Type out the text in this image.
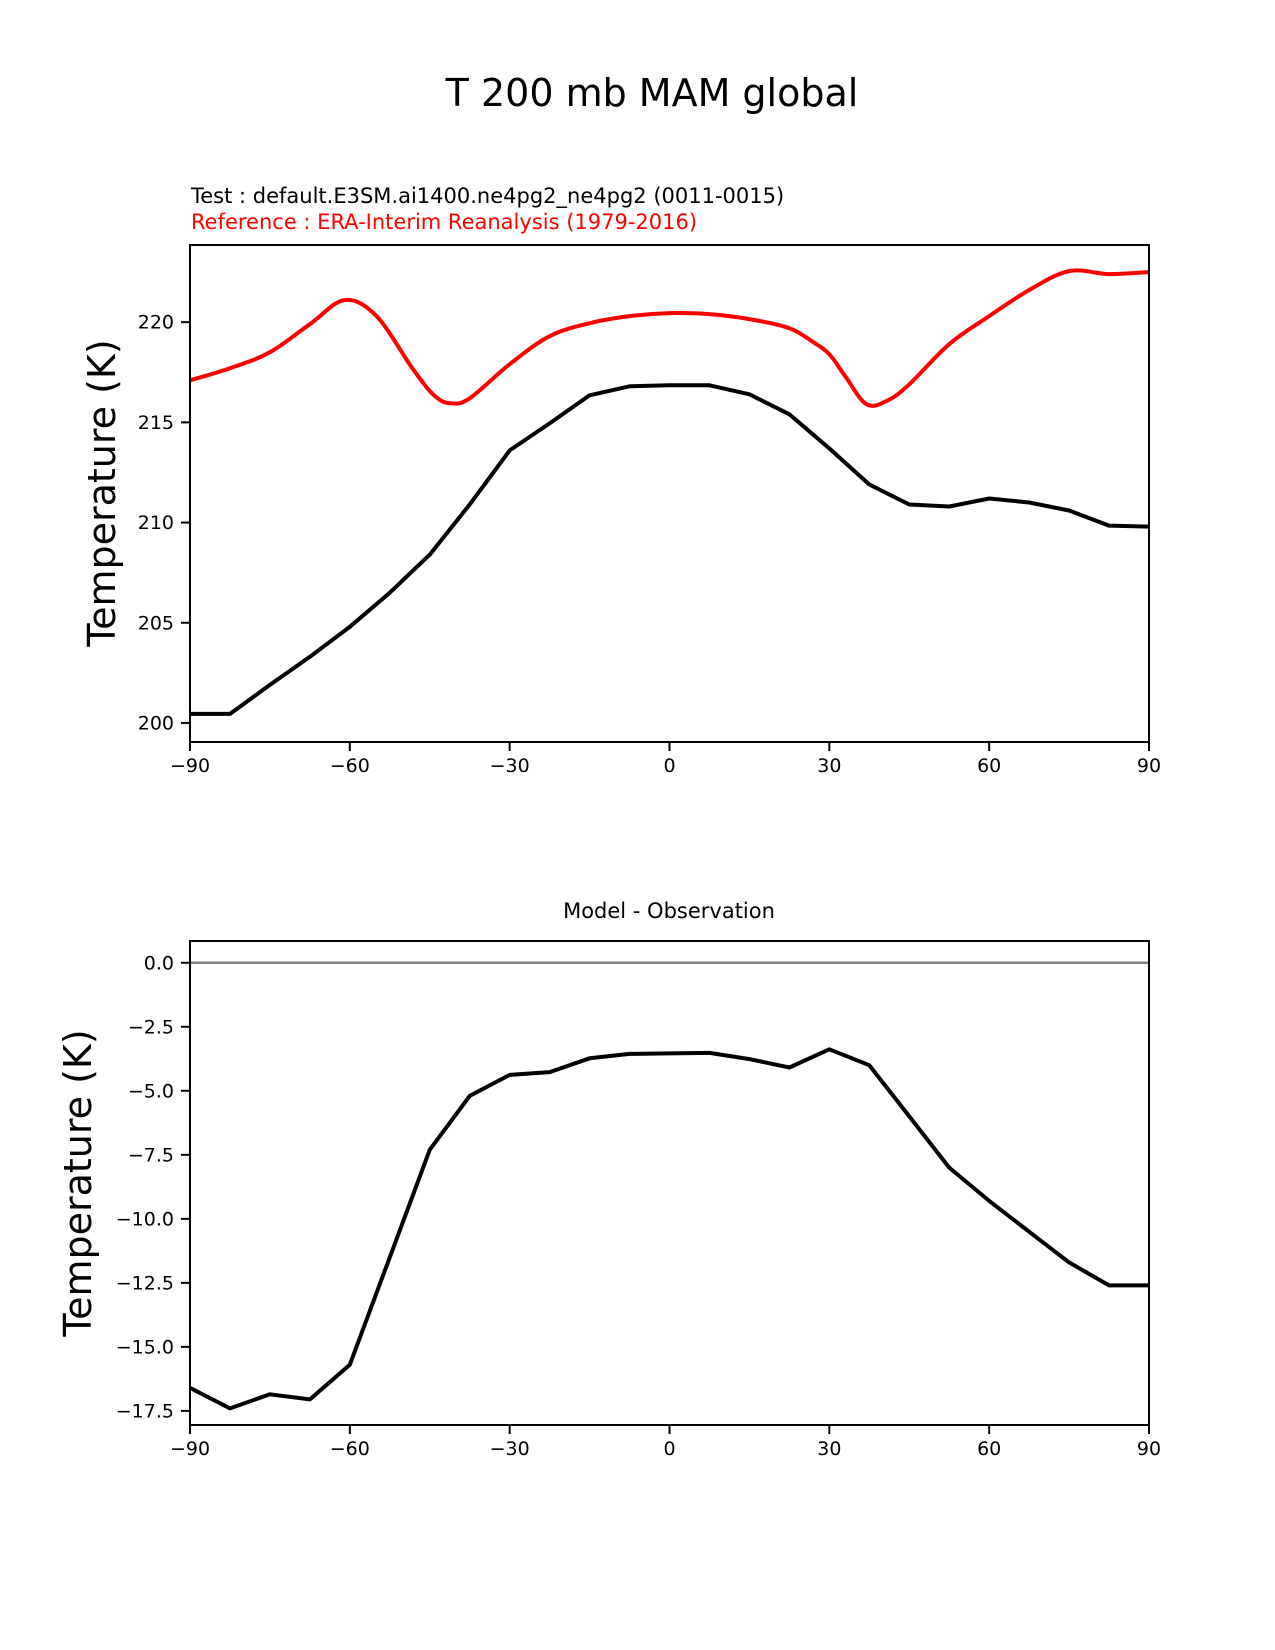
T 200 mb MAM global
Test : default.E3SM.ai1400.ne4pg2_ne4pg2 (0011-0015)
Reference : ERA-Interim Reanalysis (1979-2016)
Temperature (K)
Model - Observation
Temperature (K)
−90	−60	−30	0	30	60	90
200
205
210
215
220
−90	−60	−30	0	30	60	90
0.0
−2.5
−5.0
−7.5
−10.0
−12.5
−15.0
−17.5
